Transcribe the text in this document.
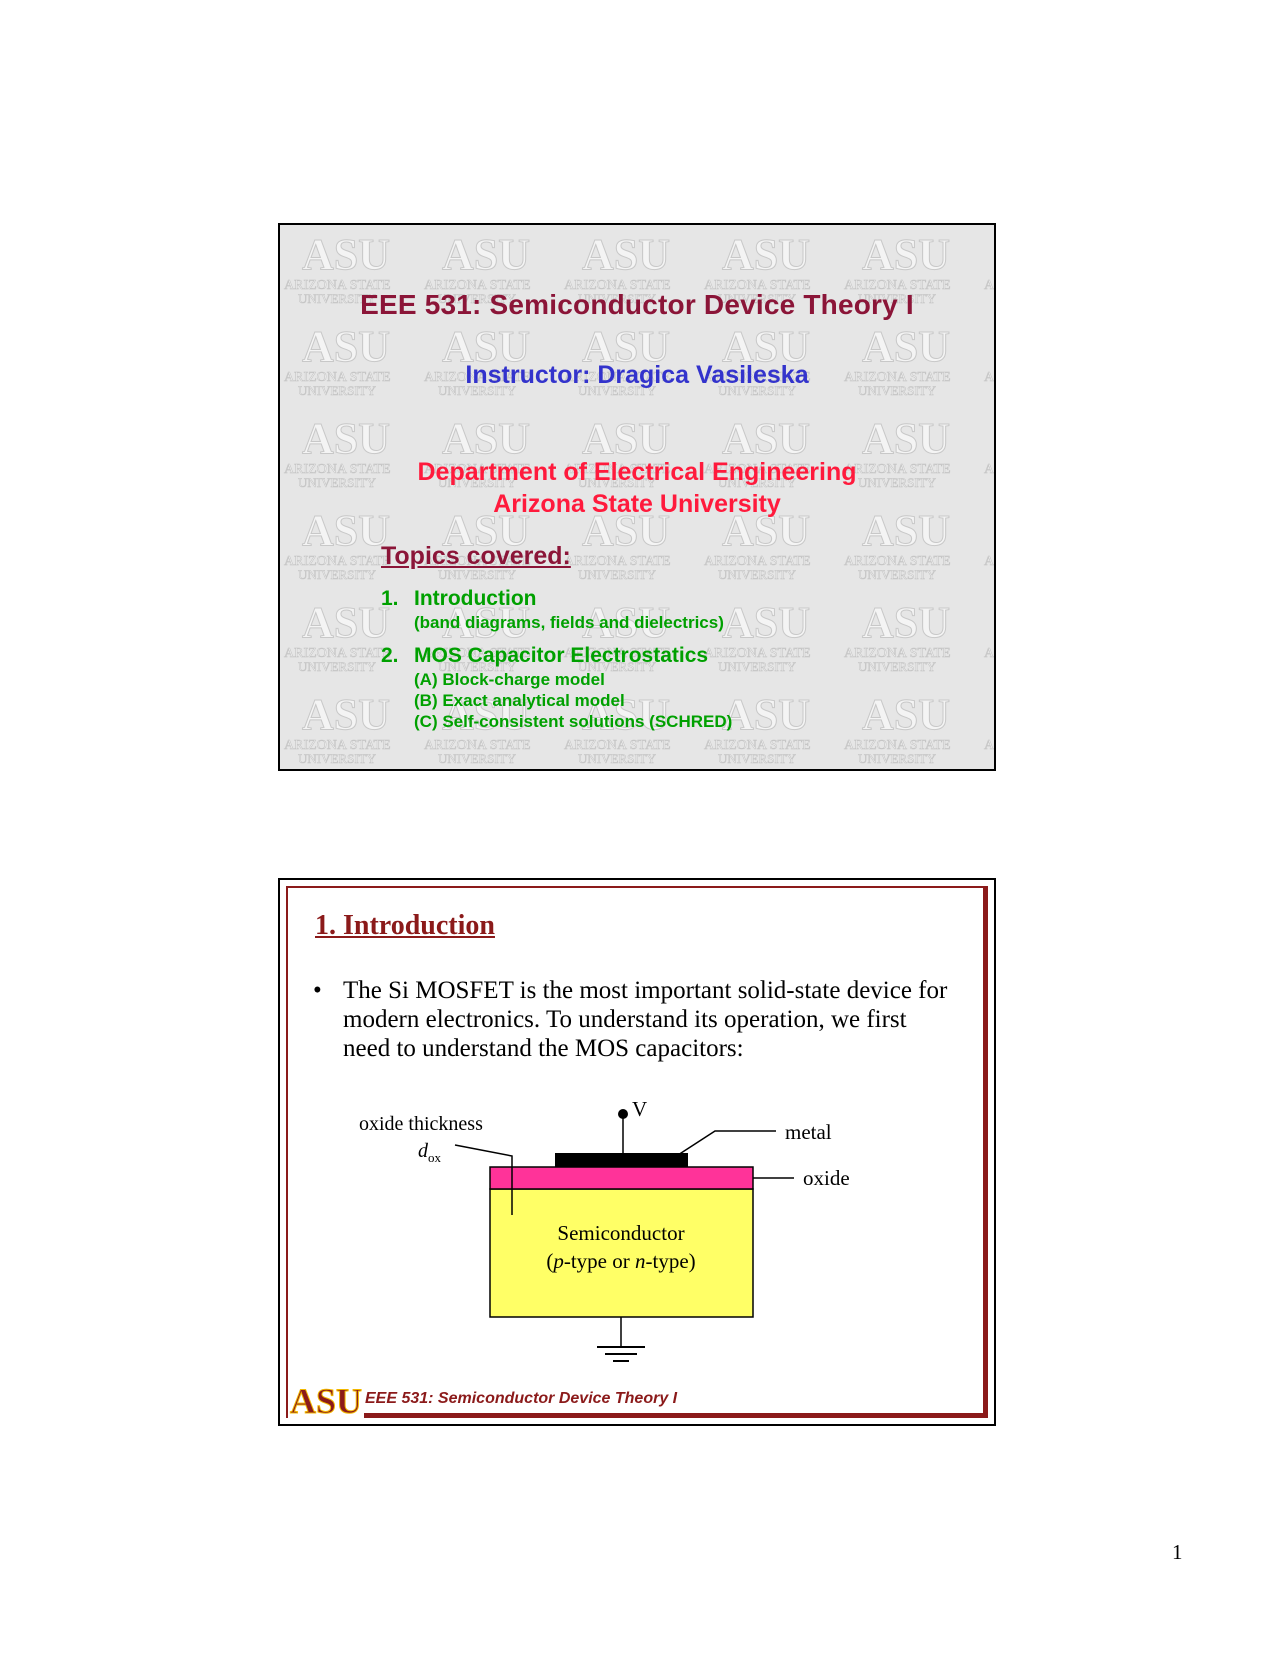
EEE 531: Semiconductor Device Theory I
Instructor: Dragica Vasileska
Department of Electrical Engineering
Arizona State University
Topics covered:
1. Introduction
(band diagrams, fields and dielectrics)
2. MOS Capacitor Electrostatics
(A) Block-charge model
(B) Exact analytical model
(C) Self-consistent solutions (SCHRED)
1. Introduction
• The Si MOSFET is the most important solid-state device for modern electronics. To understand its operation, we first need to understand the MOS capacitors:
V
metal
oxide
oxide thickness
$d_{ox}$
Semiconductor
(p-type or n-type)
ASU EEE 531: Semiconductor Device Theory I
1
